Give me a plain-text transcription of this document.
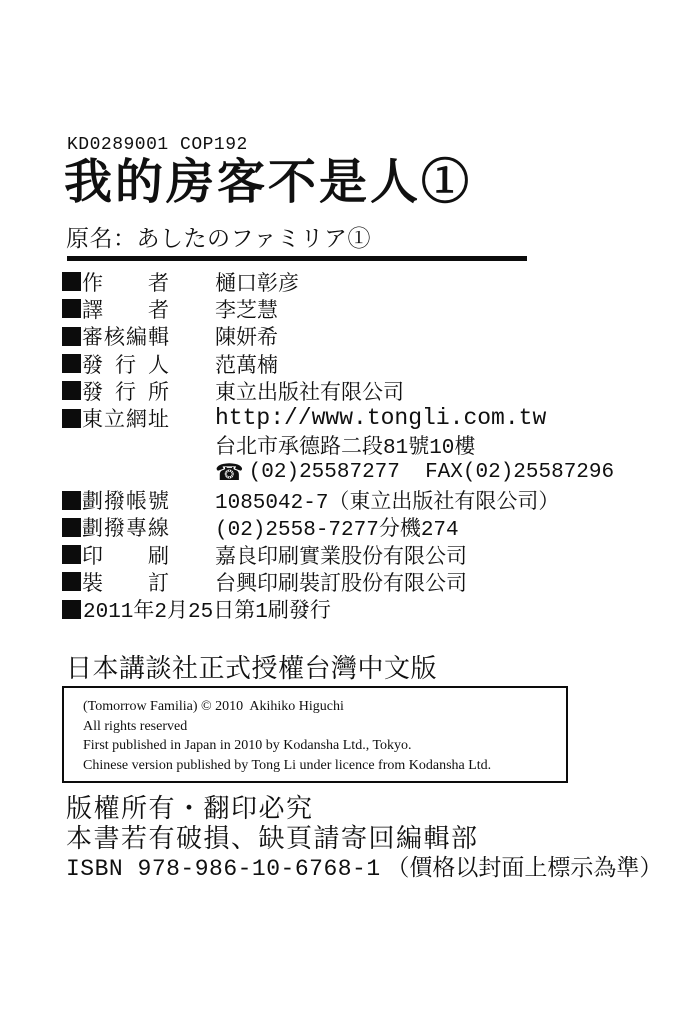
KD0289001 COP192
我的房客不是人①
原名：あしたのファミリア①
作者 樋口彰彦
譯者 李芝慧
審核編輯 陳妍希
發行人 范萬楠
發行所 東立出版社有限公司
東立網址 http://www.tongli.com.tw
台北市承德路二段81號10樓
☎ (02)25587277  FAX(02)25587296
劃撥帳號 1085042-7（東立出版社有限公司）
劃撥專線 (02)2558-7277分機274
印刷 嘉良印刷實業股份有限公司
裝訂 台興印刷裝訂股份有限公司
2011年2月25日第1刷發行
日本講談社正式授權台灣中文版
(Tomorrow Familia) © 2010  Akihiko Higuchi
All rights reserved
First published in Japan in 2010 by Kodansha Ltd., Tokyo.
Chinese version published by Tong Li under licence from Kodansha Ltd.
版權所有・翻印必究
本書若有破損、缺頁請寄回編輯部
ISBN 978-986-10-6768-1 （價格以封面上標示為準）
